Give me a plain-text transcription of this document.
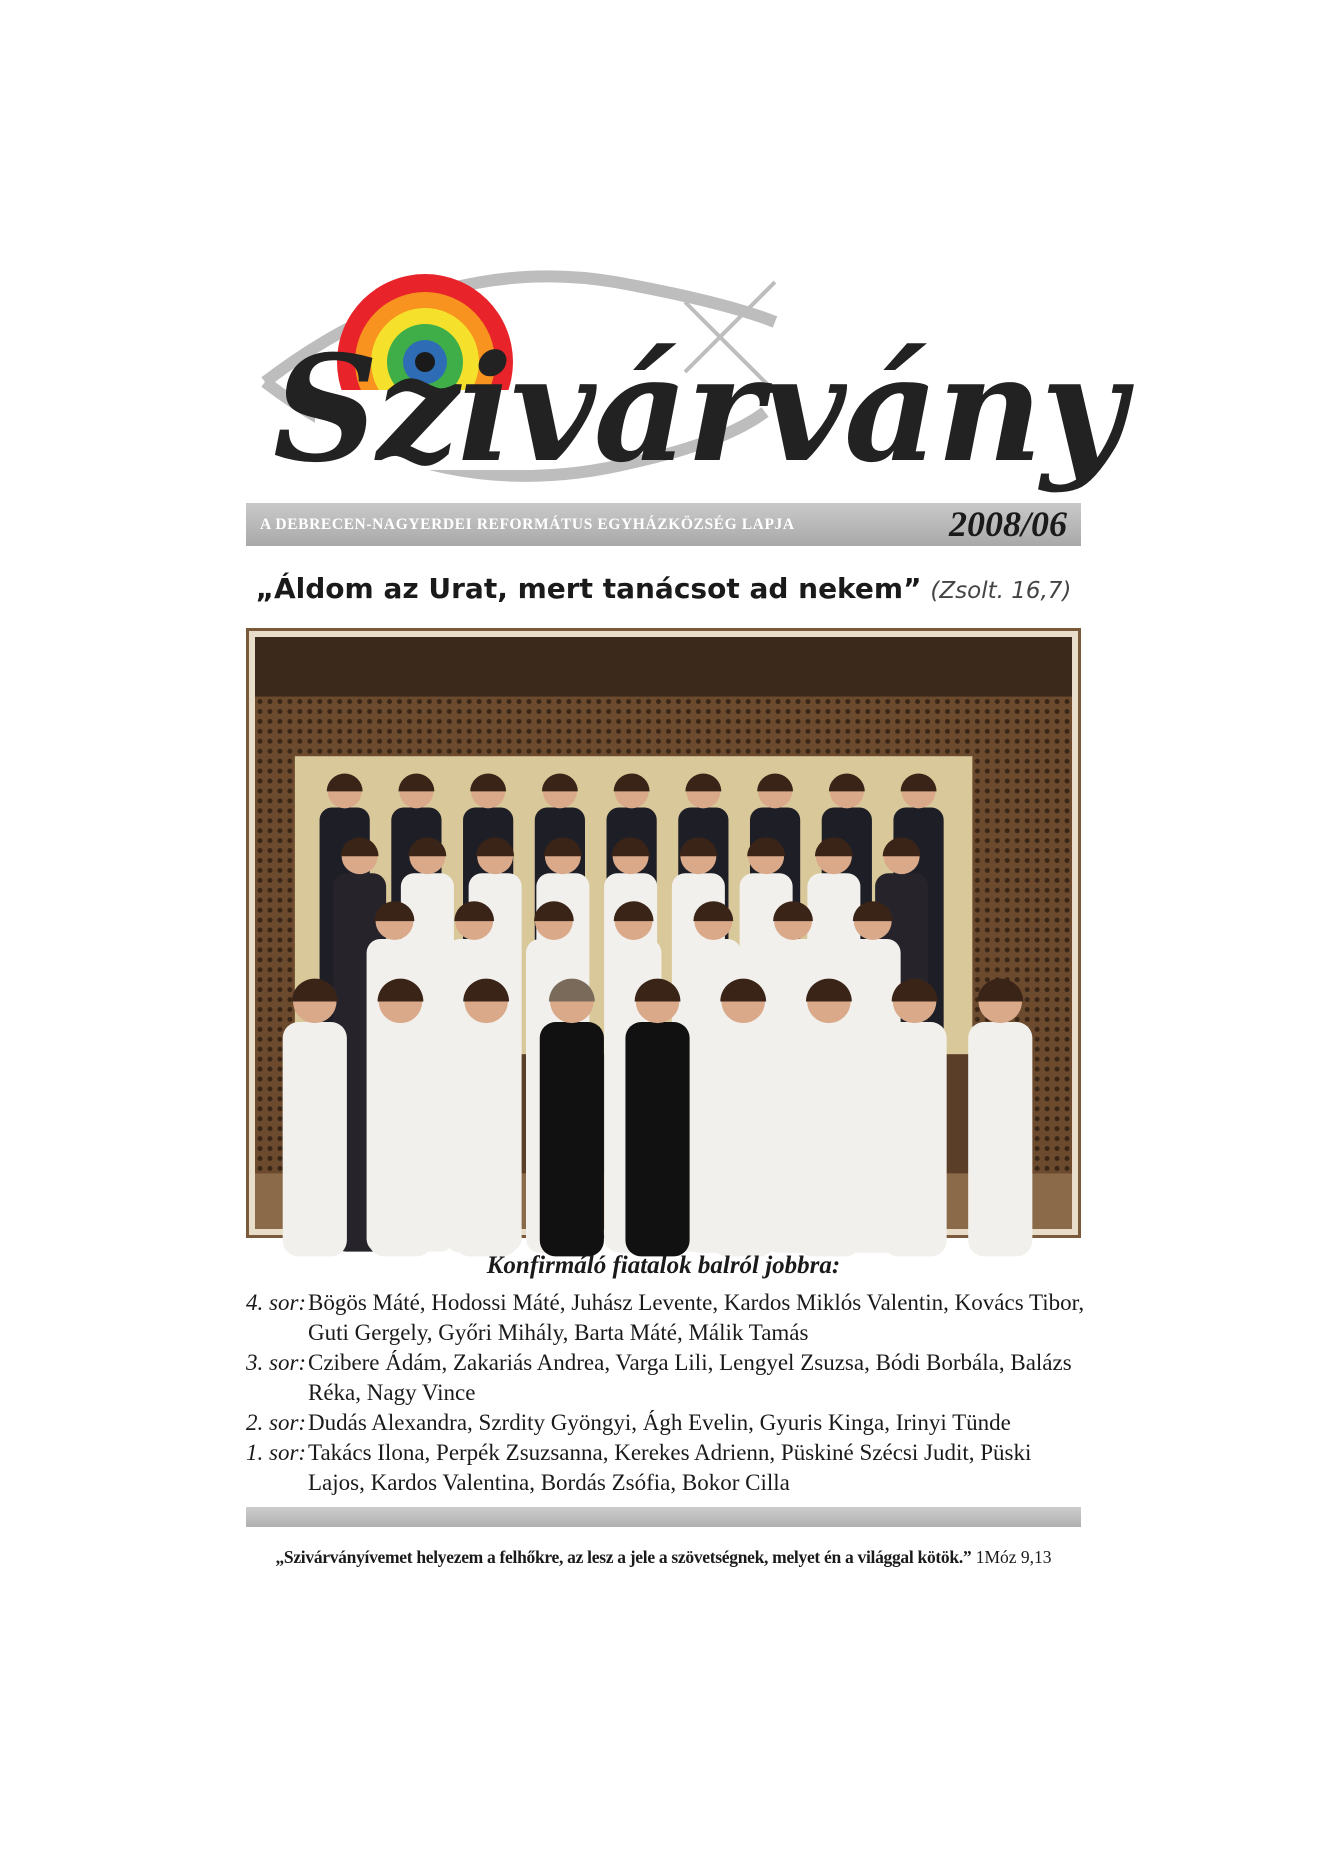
Szivárvány
A DEBRECEN-NAGYERDEI REFORMÁTUS EGYHÁZKÖZSÉG LAPJA	2008/06
„Áldom az Urat, mert tanácsot ad nekem” (Zsolt. 16,7)
Konfirmáló fiatalok balról jobbra:
4. sor: Bögös Máté, Hodossi Máté, Juhász Levente, Kardos Miklós Valentin, Kovács Tibor, Guti Gergely, Győri Mihály, Barta Máté, Málik Tamás
3. sor: Czibere Ádám, Zakariás Andrea, Varga Lili, Lengyel Zsuzsa, Bódi Borbála, Balázs Réka, Nagy Vince
2. sor: Dudás Alexandra, Szrdity Gyöngyi, Ágh Evelin, Gyuris Kinga, Irinyi Tünde
1. sor: Takács Ilona, Perpék Zsuzsanna, Kerekes Adrienn, Püskiné Szécsi Judit, Püski Lajos, Kardos Valentina, Bordás Zsófia, Bokor Cilla
„Szivárványívemet helyezem a felhőkre, az lesz a jele a szövetségnek, melyet én a világgal kötök.” 1Móz 9,13
